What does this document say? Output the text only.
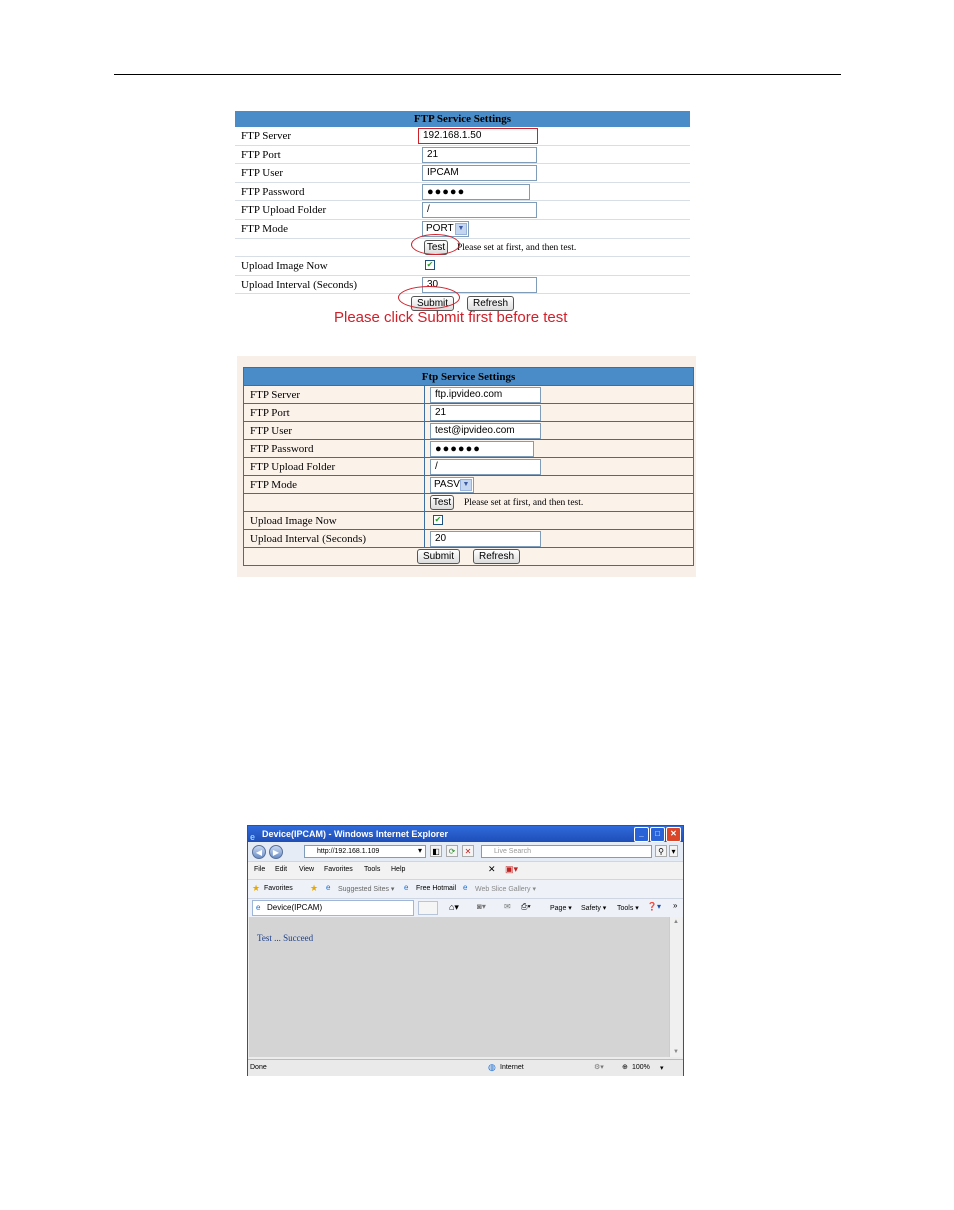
FTP Service Settings
FTP Server	192.168.1.50
FTP Port	21
FTP User	IPCAM
FTP Password	●●●●●
FTP Upload Folder	/
FTP Mode	PORT ▼
Test Please set at first, and then test.
Upload Image Now	✔
Upload Interval (Seconds)	30
Submit	Refresh
Please click Submit first before test
Ftp Service Settings
FTP Server	ftp.ipvideo.com
FTP Port	21
FTP User	test@ipvideo.com
FTP Password	●●●●●●
FTP Upload Folder	/
FTP Mode	PASV ▼
Test Please set at first, and then test.
Upload Image Now	✔
Upload Interval (Seconds)	20
Submit	Refresh
e Device(IPCAM) - Windows Internet Explorer	_ □ ✕
◀	▶	http://192.168.1.109	▾	◧	⟳	✕	Live Search	⚲ ▾
File Edit View Favorites Tools Help	✕ ▣▾
★ Favorites ★ e Suggested Sites ▾ e Free Hotmail e Web Slice Gallery ▾
e Device(IPCAM)	⌂▾ ◙▾ ✉ ⎙▾	Page ▾ Safety ▾ Tools ▾ ❓▾ »
Test ... Succeed
▲
▼
Done	◍ Internet	⚙▾	⊕ 100% ▾
